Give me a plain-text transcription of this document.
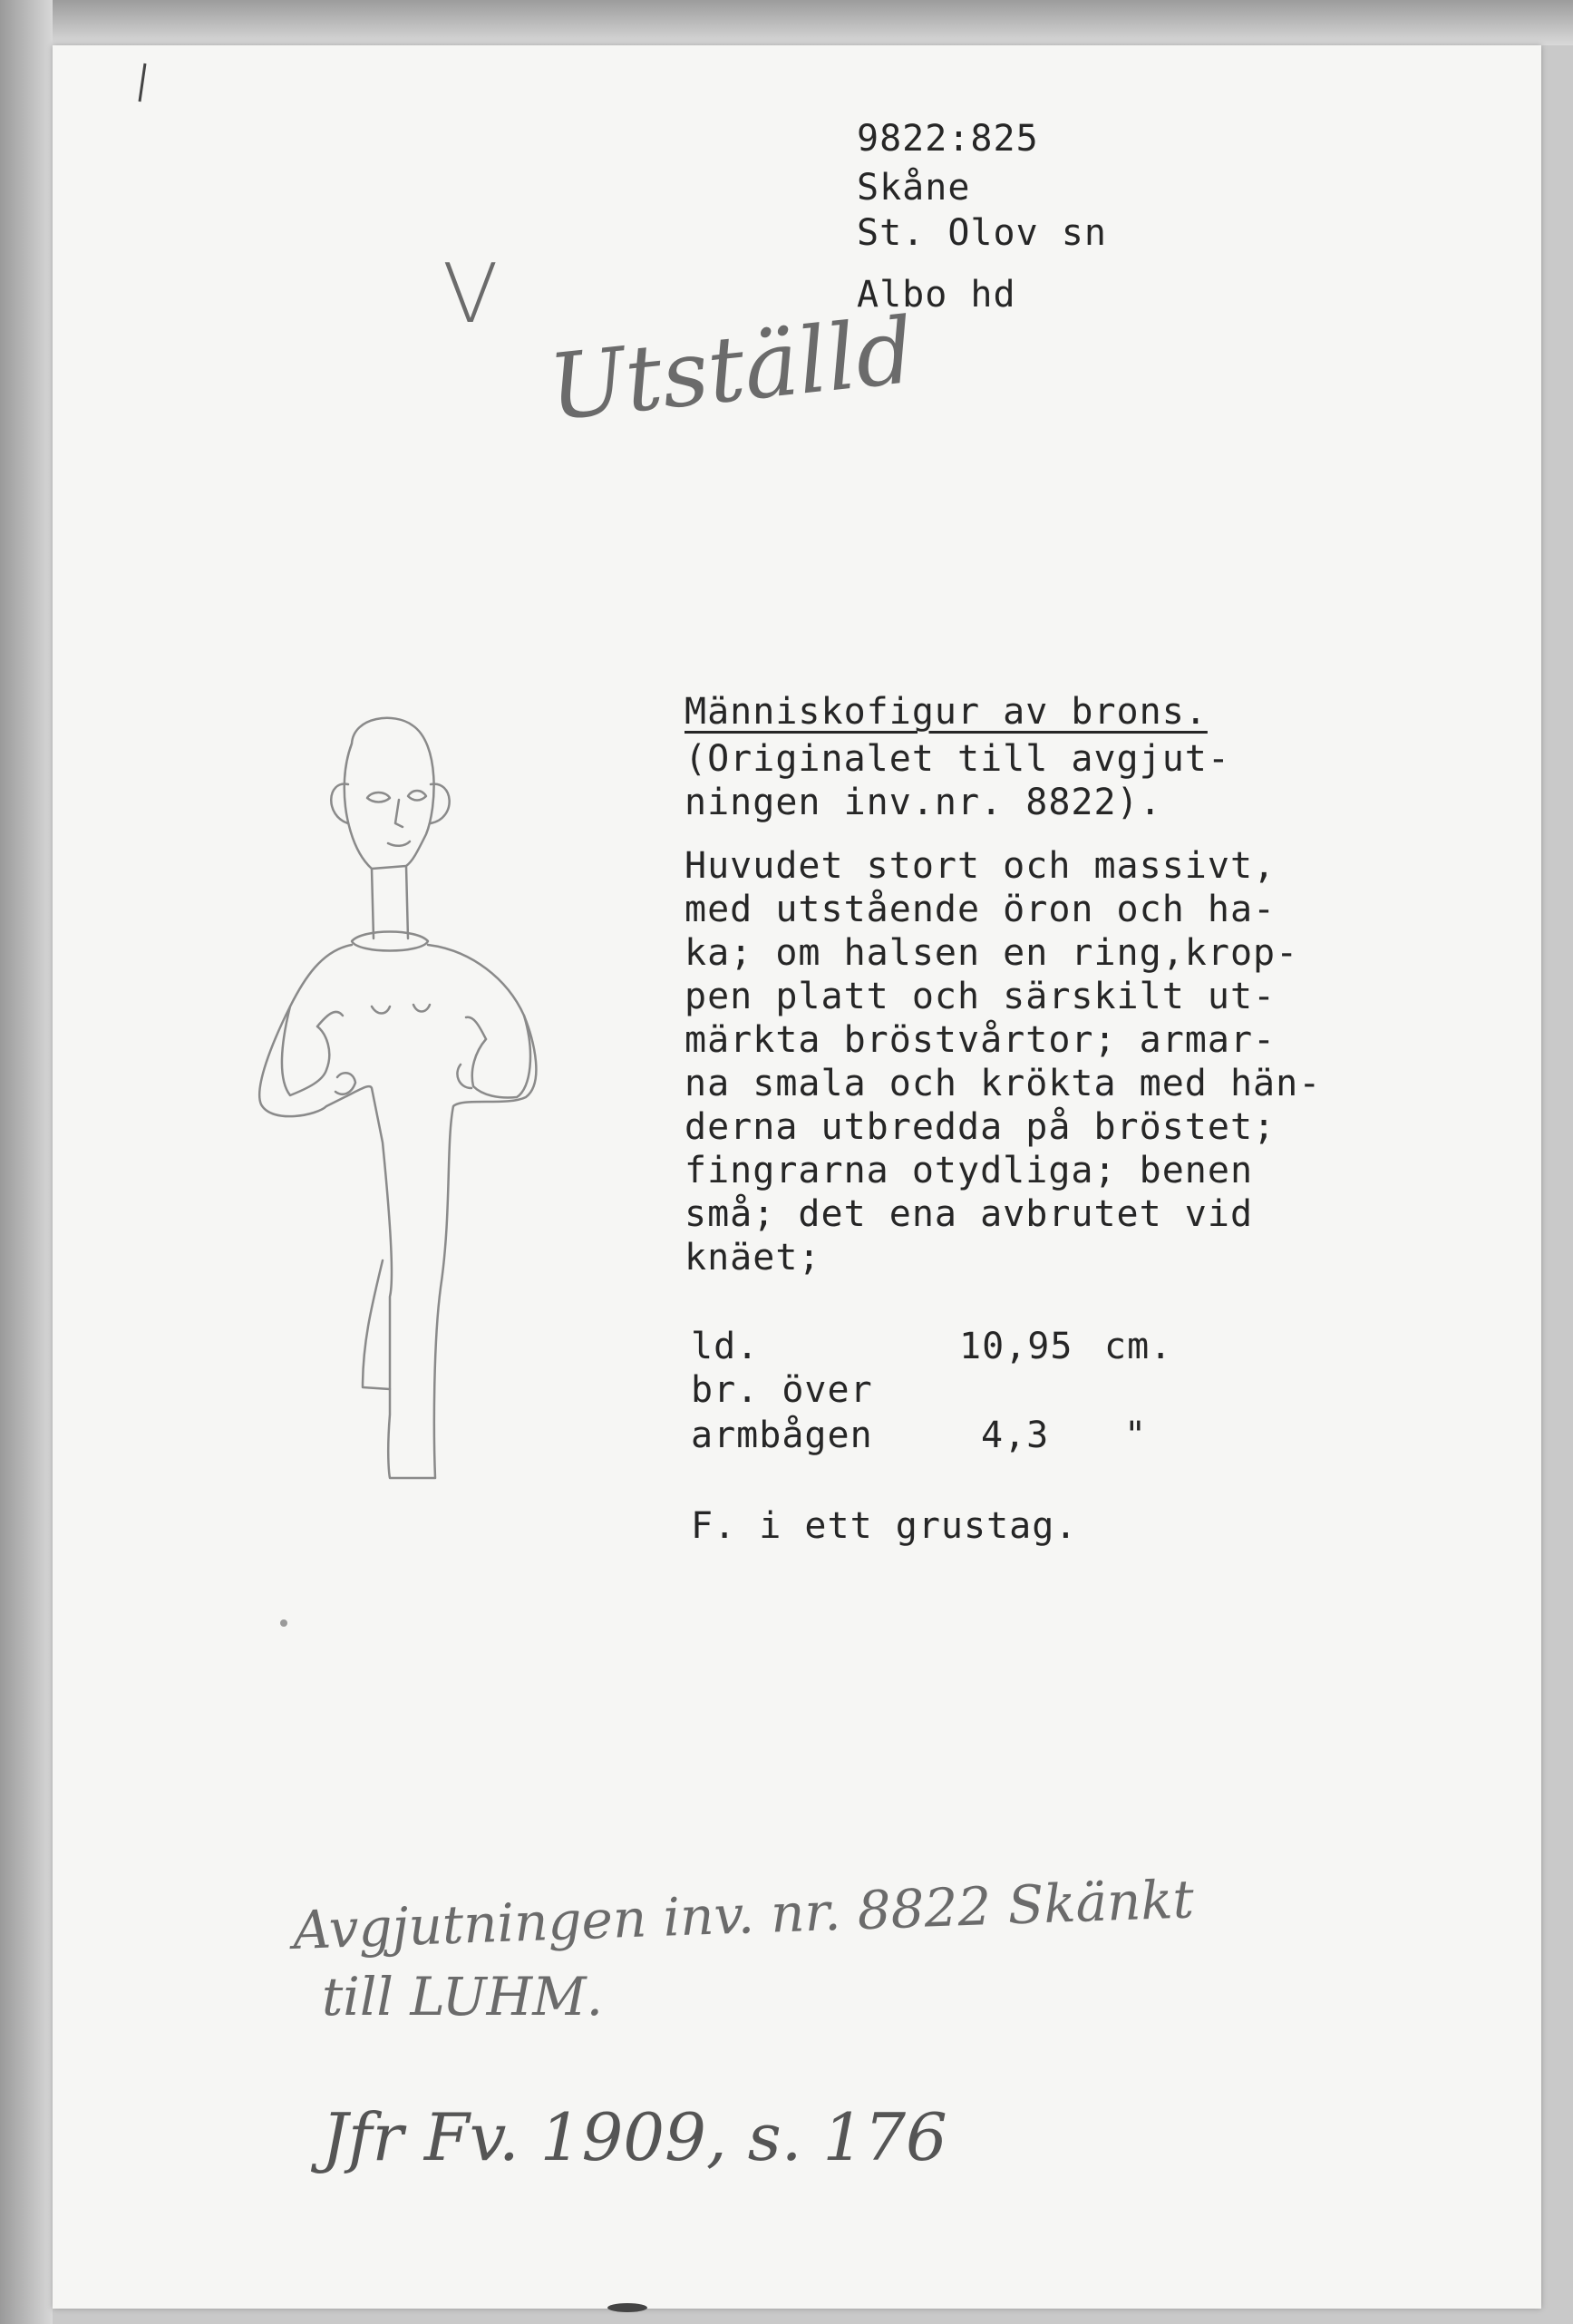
9822:825
Skåne
St. Olov sn
Albo hd
V
Utställd
Människofigur av brons.
(Originalet till avgjut-
ningen inv.nr. 8822).
Huvudet stort och massivt,
med utstående öron och ha-
ka; om halsen en ring,krop-
pen platt och särskilt ut-
märkta bröstvårtor; armar-
na smala och krökta med hän-
derna utbredda på bröstet;
fingrarna otydliga; benen
små; det ena avbrutet vid
knäet;
ld.	10,95 cm.
br. över
armbågen	4,3 "
F. i ett grustag.
Avgjutningen inv. nr. 8822 Skänkt
till LUHM.
Jfr Fv. 1909, s. 176
